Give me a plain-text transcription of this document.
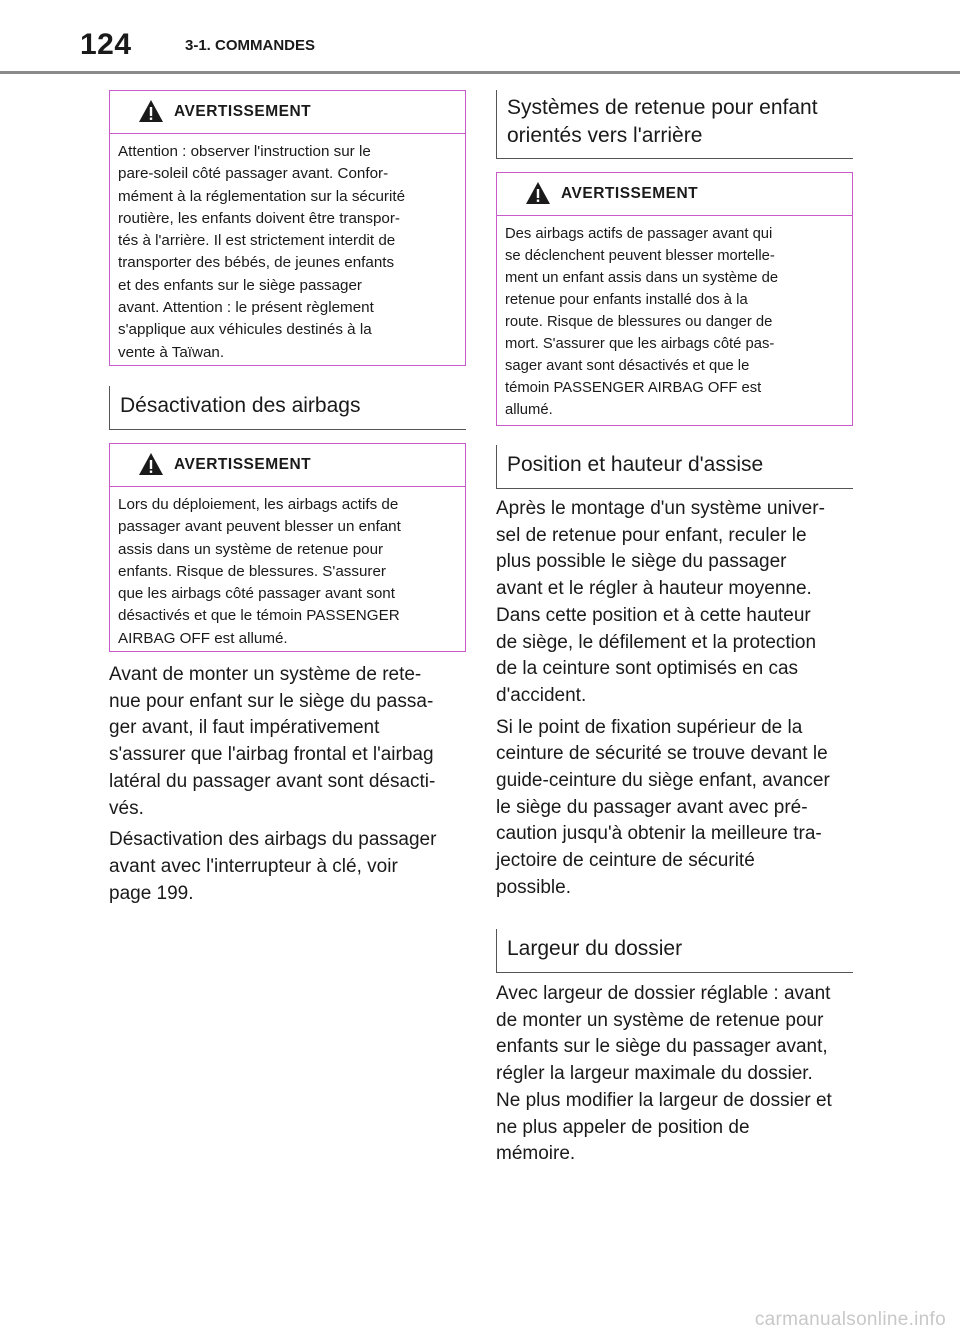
124	3-1. COMMANDES
AVERTISSEMENT
Attention : observer l'instruction sur le
pare-soleil côté passager avant. Confor-
mément à la réglementation sur la sécurité
routière, les enfants doivent être transpor-
tés à l'arrière. Il est strictement interdit de
transporter des bébés, de jeunes enfants
et des enfants sur le siège passager
avant. Attention : le présent règlement
s'applique aux véhicules destinés à la
vente à Taïwan.
Désactivation des airbags
AVERTISSEMENT
Lors du déploiement, les airbags actifs de
passager avant peuvent blesser un enfant
assis dans un système de retenue pour
enfants. Risque de blessures. S'assurer
que les airbags côté passager avant sont
désactivés et que le témoin PASSENGER
AIRBAG OFF est allumé.

Avant de monter un système de rete-
nue pour enfant sur le siège du passa-
ger avant, il faut impérativement
s'assurer que l'airbag frontal et l'airbag
latéral du passager avant sont désacti-
vés.

Désactivation des airbags du passager
avant avec l'interrupteur à clé, voir
page 199.

Systèmes de retenue pour enfant
orientés vers l'arrière
AVERTISSEMENT
Des airbags actifs de passager avant qui
se déclenchent peuvent blesser mortelle-
ment un enfant assis dans un système de
retenue pour enfants installé dos à la
route. Risque de blessures ou danger de
mort. S'assurer que les airbags côté pas-
sager avant sont désactivés et que le
témoin PASSENGER AIRBAG OFF est
allumé.
Position et hauteur d'assise

Après le montage d'un système univer-
sel de retenue pour enfant, reculer le
plus possible le siège du passager
avant et le régler à hauteur moyenne.
Dans cette position et à cette hauteur
de siège, le défilement et la protection
de la ceinture sont optimisés en cas
d'accident.

Si le point de fixation supérieur de la
ceinture de sécurité se trouve devant le
guide-ceinture du siège enfant, avancer
le siège du passager avant avec pré-
caution jusqu'à obtenir la meilleure tra-
jectoire de ceinture de sécurité
possible.

Largeur du dossier

Avec largeur de dossier réglable : avant
de monter un système de retenue pour
enfants sur le siège du passager avant,
régler la largeur maximale du dossier.
Ne plus modifier la largeur de dossier et
ne plus appeler de position de
mémoire.

carmanualsonline.info
